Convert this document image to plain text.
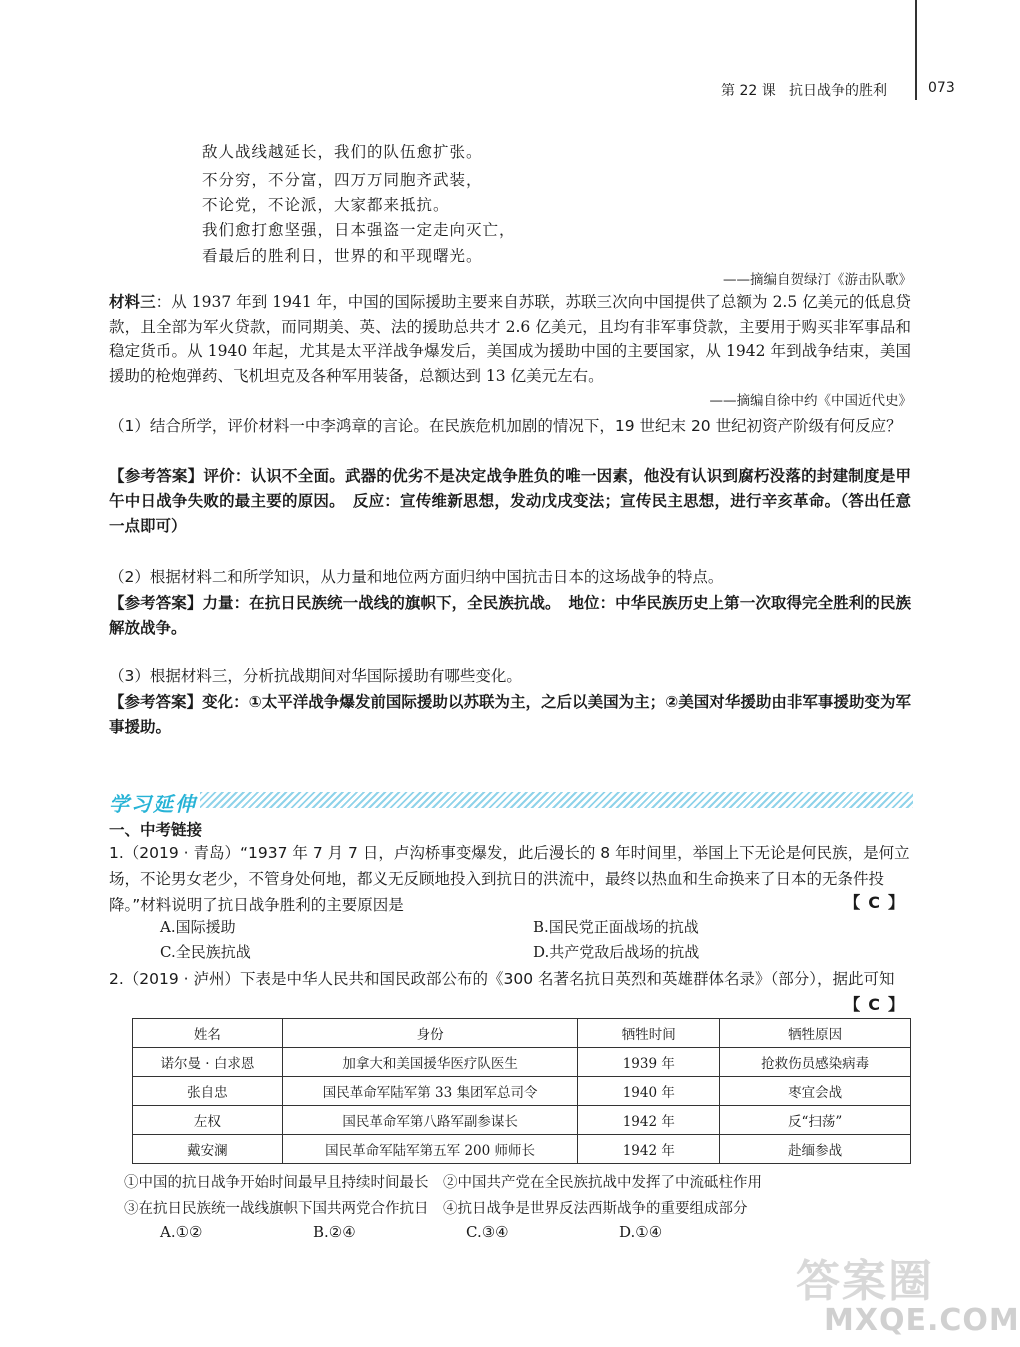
第 22 课 抗日战争的胜利	073
敌人战线越延长，我们的队伍愈扩张。
不分穷，不分富，四万万同胞齐武装，
不论党，不论派，大家都来抵抗。
我们愈打愈坚强，日本强盗一定走向灭亡，
看最后的胜利日，世界的和平现曙光。
——摘编自贺绿汀《游击队歌》

材料三：从 1937 年到 1941 年，中国的国际援助主要来自苏联，苏联三次向中国提供了总额为 2.5 亿美元的低息贷款，且全部为军火贷款，而同期美、英、法的援助总共才 2.6 亿美元，且均有非军事贷款，主要用于购买非军事品和稳定货币。从 1940 年起，尤其是太平洋战争爆发后，美国成为援助中国的主要国家，从 1942 年到战争结束，美国援助的枪炮弹药、飞机坦克及各种军用装备，总额达到 13 亿美元左右。

——摘编自徐中约《中国近代史》
（1）结合所学，评价材料一中李鸿章的言论。在民族危机加剧的情况下，19 世纪末 20 世纪初资产阶级有何反应？
【参考答案】评价：认识不全面。武器的优劣不是决定战争胜负的唯一因素，他没有认识到腐朽没落的封建制度是甲午中日战争失败的最主要的原因。　反应：宣传维新思想，发动戊戌变法；宣传民主思想，进行辛亥革命。（答出任意一点即可）
（2）根据材料二和所学知识，从力量和地位两方面归纳中国抗击日本的这场战争的特点。
【参考答案】力量：在抗日民族统一战线的旗帜下，全民族抗战。　地位：中华民族历史上第一次取得完全胜利的民族解放战争。
（3）根据材料三，分析抗战期间对华国际援助有哪些变化。
【参考答案】变化：①太平洋战争爆发前国际援助以苏联为主，之后以美国为主；②美国对华援助由非军事援助变为军事援助。
学习延伸
一、中考链接
1.（2019 · 青岛）“1937 年 7 月 7 日，卢沟桥事变爆发，此后漫长的 8 年时间里，举国上下无论是何民族，是何立场，不论男女老少，不管身处何地，都义无反顾地投入到抗日的洪流中，最终以热血和生命换来了日本的无条件投降。”材料说明了抗日战争胜利的主要原因是	【C】
A.国际援助	B.国民党正面战场的抗战
C.全民族抗战	D.共产党敌后战场的抗战
2.（2019 · 泸州）下表是中华人民共和国民政部公布的《300 名著名抗日英烈和英雄群体名录》（部分），据此可知
【C】
姓名	身份	牺牲时间	牺牲原因
诺尔曼 · 白求恩	加拿大和美国援华医疗队医生	1939 年	抢救伤员感染病毒
张自忠	国民革命军陆军第 33 集团军总司令	1940 年	枣宜会战
左权	国民革命军第八路军副参谋长	1942 年	反“扫荡”
戴安澜	国民革命军陆军第五军 200 师师长	1942 年	赴缅参战
①中国的抗日战争开始时间最早且持续时间最长　②中国共产党在全民族抗战中发挥了中流砥柱作用
③在抗日民族统一战线旗帜下国共两党合作抗日　④抗日战争是世界反法西斯战争的重要组成部分
A.①②	B.②④	C.③④	D.①④
答案圈
MXQE.COM
